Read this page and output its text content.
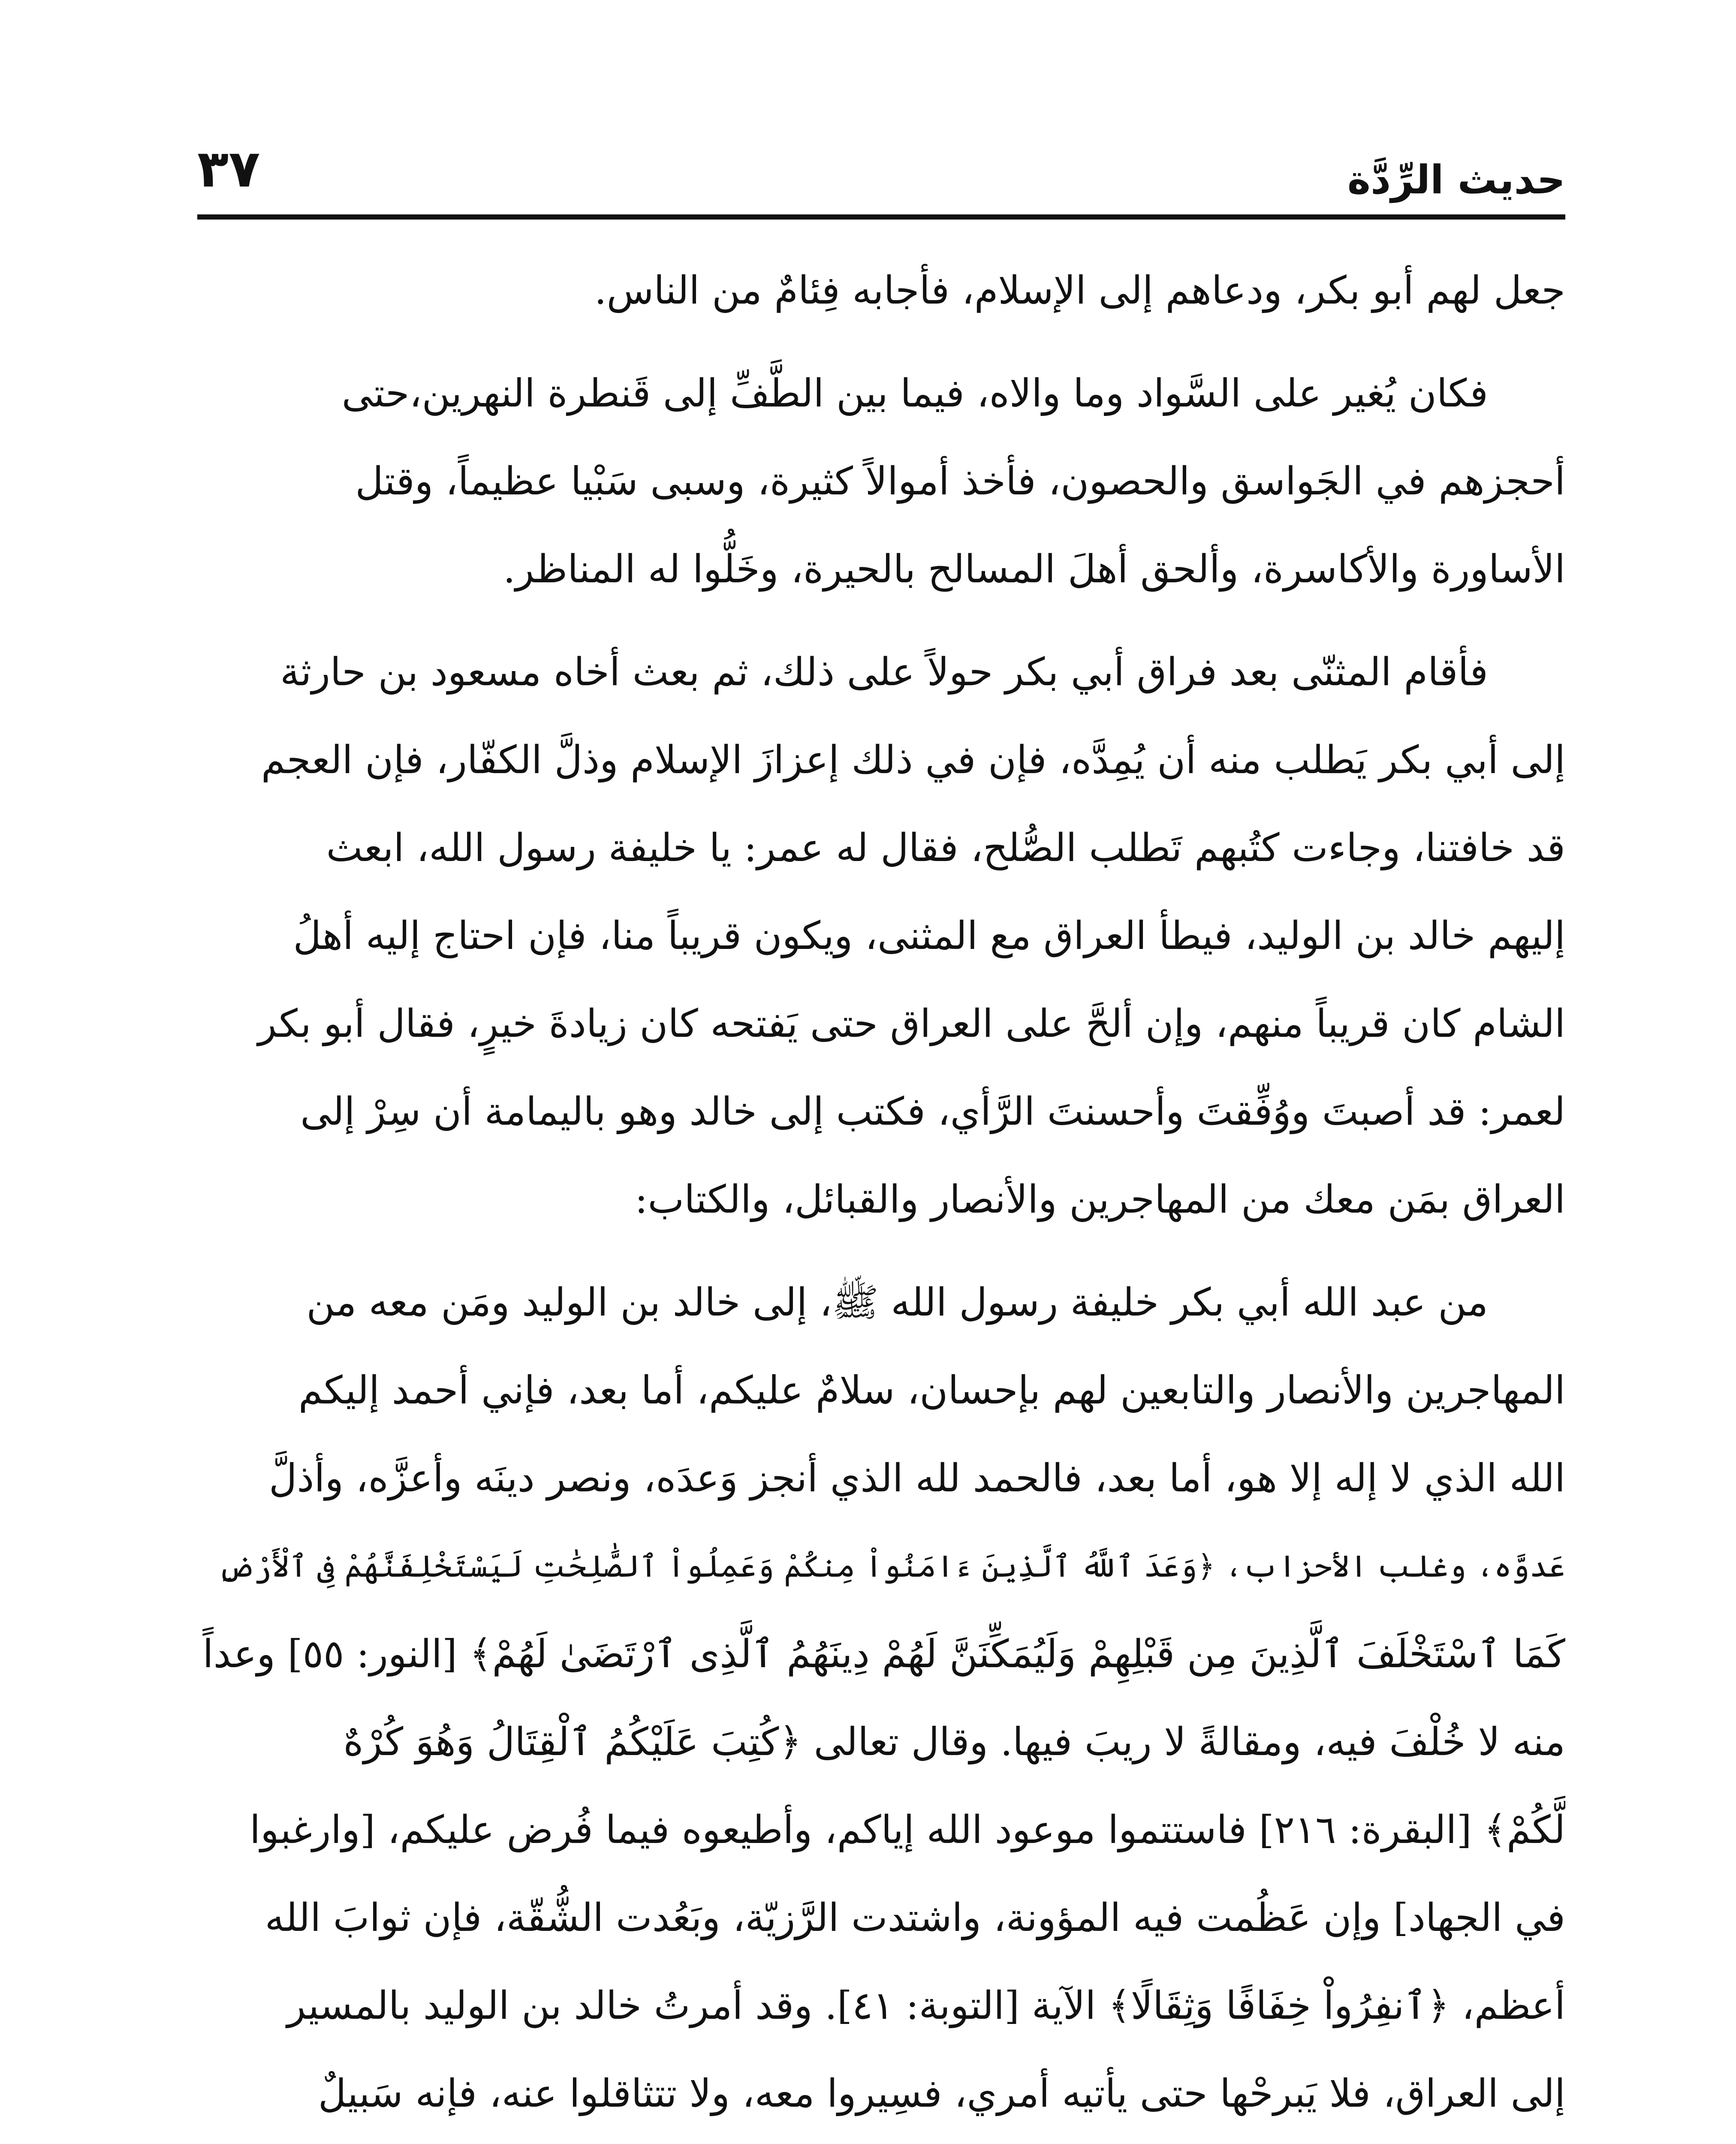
حديث الرِّدَّة
٣٧

جعل لهم أبو بكر، ودعاهم إلى الإسلام، فأجابه فِئامٌ من الناس.

فكان يُغير على السَّواد وما والاه، فيما بين الطَّفِّ إلى قَنطرة النهرين،حتى
أحجزهم في الجَواسق والحصون، فأخذ أموالاً كثيرة، وسبى سَبْيا عظيماً، وقتل
الأساورة والأكاسرة، وألحق أهلَ المسالح بالحيرة، وخَلُّوا له المناظر.

فأقام المثنّى بعد فراق أبي بكر حولاً على ذلك، ثم بعث أخاه مسعود بن حارثة
إلى أبي بكر يَطلب منه أن يُمِدَّه، فإن في ذلك إعزازَ الإسلام وذلَّ الكفّار، فإن العجم
قد خافتنا، وجاءت كتُبهم تَطلب الصُّلح، فقال له عمر: يا خليفة رسول الله، ابعث
إليهم خالد بن الوليد، فيطأ العراق مع المثنى، ويكون قريباً منا، فإن احتاج إليه أهلُ
الشام كان قريباً منهم، وإن ألحَّ على العراق حتى يَفتحه كان زيادةَ خيرٍ، فقال أبو بكر
لعمر: قد أصبتَ ووُفِّقتَ وأحسنتَ الرَّأي، فكتب إلى خالد وهو باليمامة أن سِرْ إلى
العراق بمَن معك من المهاجرين والأنصار والقبائل، والكتاب:

من عبد الله أبي بكر خليفة رسول الله ﷺ، إلى خالد بن الوليد ومَن معه من
المهاجرين والأنصار والتابعين لهم بإحسان، سلامٌ عليكم، أما بعد، فإني أحمد إليكم
الله الذي لا إله إلا هو، أما بعد، فالحمد لله الذي أنجز وَعدَه، ونصر دينَه وأعزَّه، وأذلَّ
عَدوَّه، وغلب الأحزاب، ﴿وَعَدَ ٱللَّهُ ٱلَّذِينَ ءَامَنُواْ مِنكُمْ وَعَمِلُواْ ٱلصَّٰلِحَٰتِ لَيَسْتَخْلِفَنَّهُمْ فِى ٱلْأَرْضِ
كَمَا ٱسْتَخْلَفَ ٱلَّذِينَ مِن قَبْلِهِمْ وَلَيُمَكِّنَنَّ لَهُمْ دِينَهُمُ ٱلَّذِى ٱرْتَضَىٰ لَهُمْ﴾ [النور: ٥٥] وعداً
منه لا خُلْفَ فيه، ومقالةً لا ريبَ فيها. وقال تعالى ﴿كُتِبَ عَلَيْكُمُ ٱلْقِتَالُ وَهُوَ كُرْهٌ
لَّكُمْ﴾ [البقرة: ٢١٦] فاستتموا موعود الله إياكم، وأطيعوه فيما فُرض عليكم، [وارغبوا
في الجهاد] وإن عَظُمت فيه المؤونة، واشتدت الرَّزيّة، وبَعُدت الشُّقّة، فإن ثوابَ الله
أعظم، ﴿ٱنفِرُواْ خِفَافًا وَثِقَالًا﴾ الآية [التوبة: ٤١]. وقد أمرتُ خالد بن الوليد بالمسير
إلى العراق، فلا يَبرحْها حتى يأتيه أمري، فسِيروا معه، ولا تتثاقلوا عنه، فإنه سَبيلٌ
